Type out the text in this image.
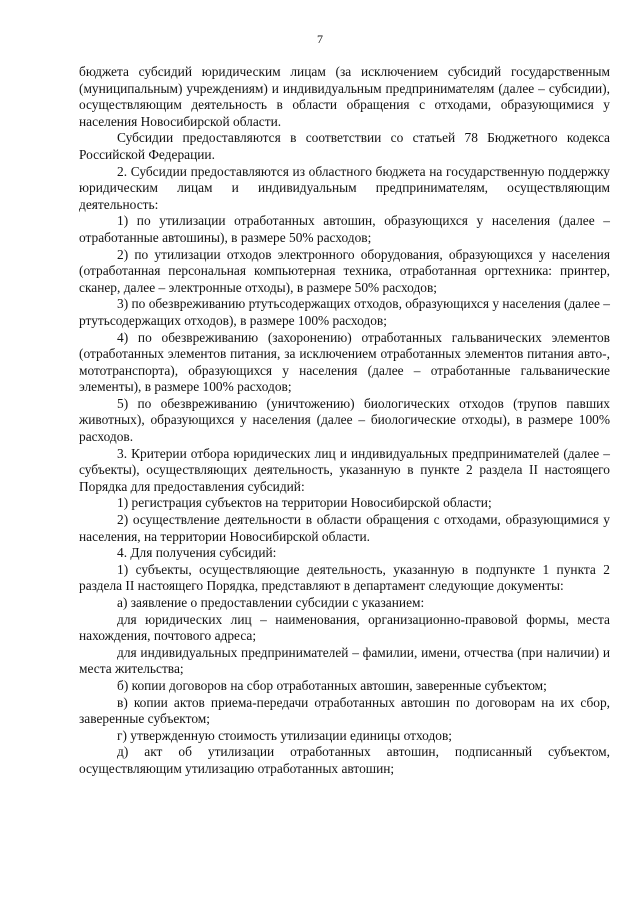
7

бюджета субсидий юридическим лицам (за исключением субсидий государственным (муниципальным) учреждениям) и индивидуальным предпринимателям (далее – субсидии), осуществляющим деятельность в области обращения с отходами, образующимися у населения Новосибирской области.

Субсидии предоставляются в соответствии со статьей 78 Бюджетного кодекса Российской Федерации.

2. Субсидии предоставляются из областного бюджета на государственную поддержку юридическим лицам и индивидуальным предпринимателям, осуществляющим деятельность:

1) по утилизации отработанных автошин, образующихся у населения (далее – отработанные автошины), в размере 50% расходов;

2) по утилизации отходов электронного оборудования, образующихся у населения (отработанная персональная компьютерная техника, отработанная оргтехника: принтер, сканер, далее – электронные отходы), в размере 50% расходов;

3) по обезвреживанию ртутьсодержащих отходов, образующихся у населения (далее – ртутьсодержащих отходов), в размере 100% расходов;

4) по обезвреживанию (захоронению) отработанных гальванических элементов (отработанных элементов питания, за исключением отработанных элементов питания авто-, мототранспорта), образующихся у населения (далее – отработанные гальванические элементы), в размере 100% расходов;

5) по обезвреживанию (уничтожению) биологических отходов (трупов павших животных), образующихся у населения (далее – биологические отходы), в размере 100% расходов.

3. Критерии отбора юридических лиц и индивидуальных предпринимателей (далее – субъекты), осуществляющих деятельность, указанную в пункте 2 раздела II настоящего Порядка для предоставления субсидий:

1) регистрация субъектов на территории Новосибирской области;

2) осуществление деятельности в области обращения с отходами, образующимися у населения, на территории Новосибирской области.

4. Для получения субсидий:

1) субъекты, осуществляющие деятельность, указанную в подпункте 1 пункта 2 раздела II настоящего Порядка, представляют в департамент следующие документы:

а) заявление о предоставлении субсидии с указанием:

для юридических лиц – наименования, организационно-правовой формы, места нахождения, почтового адреса;

для индивидуальных предпринимателей – фамилии, имени, отчества (при наличии) и места жительства;

б) копии договоров на сбор отработанных автошин, заверенные субъектом;

в) копии актов приема-передачи отработанных автошин по договорам на их сбор, заверенные субъектом;

г) утвержденную стоимость утилизации единицы отходов;

д) акт об утилизации отработанных автошин, подписанный субъектом, осуществляющим утилизацию отработанных автошин;
